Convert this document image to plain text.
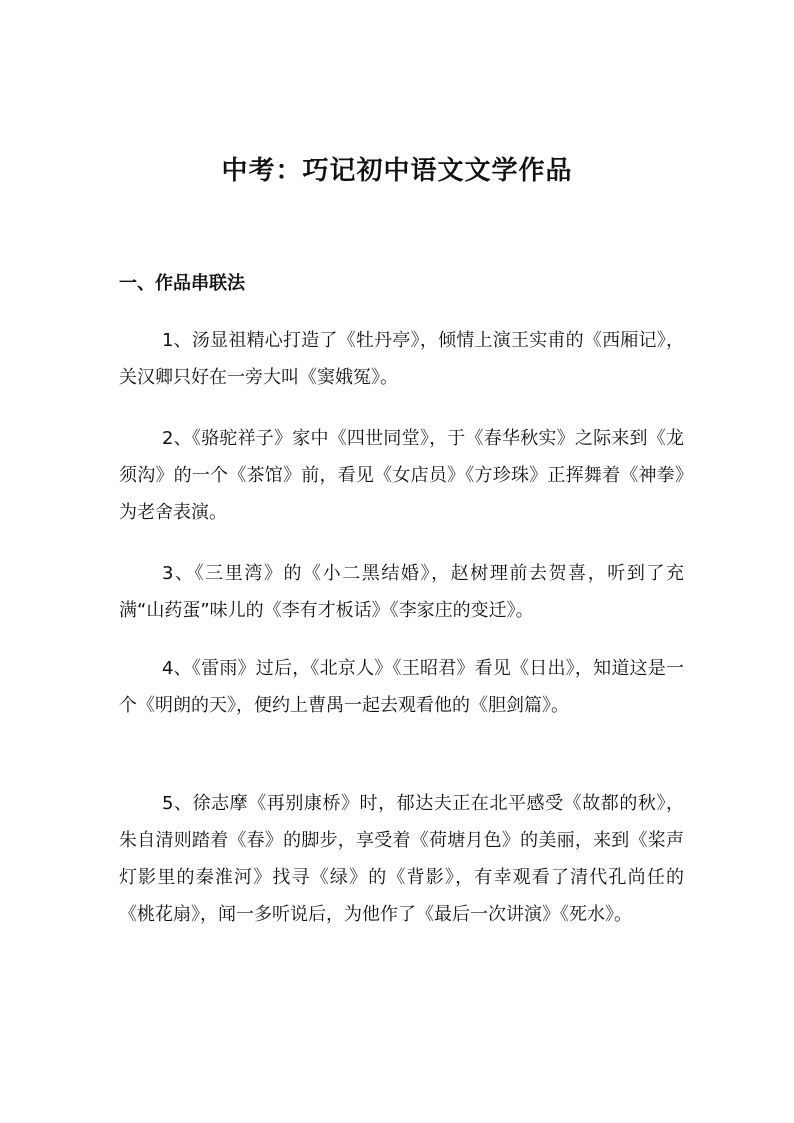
中考：巧记初中语文文学作品
一、作品串联法

1、汤显祖精心打造了《牡丹亭》，倾情上演王实甫的《西厢记》，关汉卿只好在一旁大叫《窦娥冤》。

2、《骆驼祥子》家中《四世同堂》，于《春华秋实》之际来到《龙须沟》的一个《茶馆》前，看见《女店员》《方珍珠》正挥舞着《神拳》为老舍表演。

3、《三里湾》的《小二黑结婚》，赵树理前去贺喜，听到了充满“山药蛋”味儿的《李有才板话》《李家庄的变迁》。

4、《雷雨》过后，《北京人》《王昭君》看见《日出》，知道这是一个《明朗的天》，便约上曹禺一起去观看他的《胆剑篇》。

5、徐志摩《再别康桥》时，郁达夫正在北平感受《故都的秋》，朱自清则踏着《春》的脚步，享受着《荷塘月色》的美丽，来到《桨声灯影里的秦淮河》找寻《绿》的《背影》，有幸观看了清代孔尚任的《桃花扇》，闻一多听说后，为他作了《最后一次讲演》《死水》。
